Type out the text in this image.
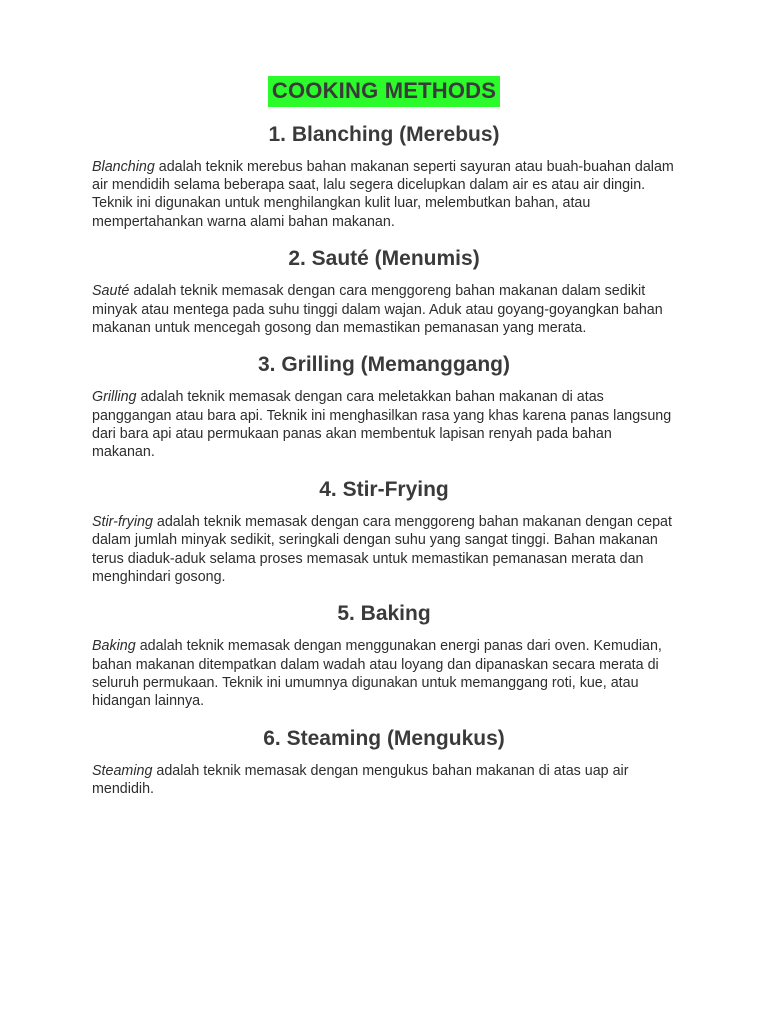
COOKING METHODS
1. Blanching (Merebus)

Blanching adalah teknik merebus bahan makanan seperti sayuran atau buah-buahan dalam air mendidih selama beberapa saat, lalu segera dicelupkan dalam air es atau air dingin. Teknik ini digunakan untuk menghilangkan kulit luar, melembutkan bahan, atau mempertahankan warna alami bahan makanan.

2. Sauté (Menumis)

Sauté adalah teknik memasak dengan cara menggoreng bahan makanan dalam sedikit minyak atau mentega pada suhu tinggi dalam wajan. Aduk atau goyang-goyangkan bahan makanan untuk mencegah gosong dan memastikan pemanasan yang merata.

3. Grilling (Memanggang)

Grilling adalah teknik memasak dengan cara meletakkan bahan makanan di atas panggangan atau bara api. Teknik ini menghasilkan rasa yang khas karena panas langsung dari bara api atau permukaan panas akan membentuk lapisan renyah pada bahan makanan.

4. Stir-Frying

Stir-frying adalah teknik memasak dengan cara menggoreng bahan makanan dengan cepat dalam jumlah minyak sedikit, seringkali dengan suhu yang sangat tinggi. Bahan makanan terus diaduk-aduk selama proses memasak untuk memastikan pemanasan merata dan menghindari gosong.

5. Baking

Baking adalah teknik memasak dengan menggunakan energi panas dari oven. Kemudian, bahan makanan ditempatkan dalam wadah atau loyang dan dipanaskan secara merata di seluruh permukaan. Teknik ini umumnya digunakan untuk memanggang roti, kue, atau hidangan lainnya.

6. Steaming (Mengukus)

Steaming adalah teknik memasak dengan mengukus bahan makanan di atas uap air mendidih.
